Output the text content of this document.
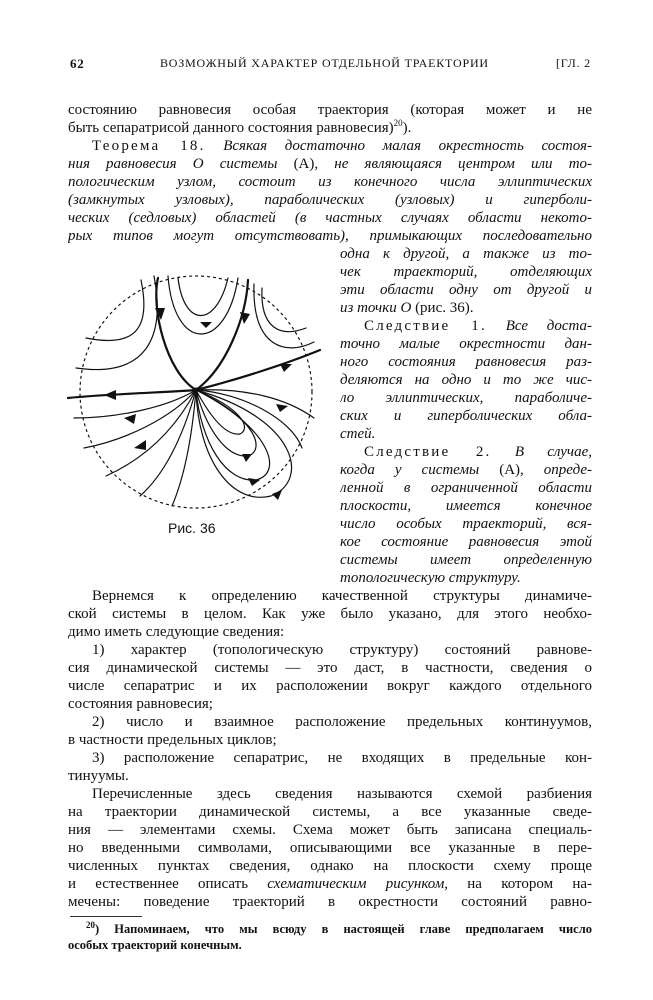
62	ВОЗМОЖНЫЙ ХАРАКТЕР ОТДЕЛЬНОЙ ТРАЕКТОРИИ	[ГЛ. 2
состоянию равновесия особая траектория (которая может и не
быть сепаратрисой данного состояния равновесия)$^{20}$).
Теорема 18. Всякая достаточно малая окрестность состоя-
ния равновесия O системы (A), не являющаяся центром или то-
пологическим узлом, состоит из конечного числа эллиптических
(замкнутых узловых), параболических (узловых) и гиперболи-
ческих (седловых) областей (в частных случаях области некото-
рых типов могут отсутствовать), примыкающих последовательно
одна к другой, а также из то-
чек траекторий, отделяющих
эти области одну от другой и
из точки O (рис. 36).
Следствие 1. Все доста-
точно малые окрестности дан-
ного состояния равновесия раз-
деляются на одно и то же чис-
ло эллиптических, параболиче-
ских и гиперболических обла-
стей.
Следствие 2. В случае,
когда у системы (A), опреде-
ленной в ограниченной области
плоскости, имеется конечное
число особых траекторий, вся-
кое состояние равновесия этой
системы имеет определенную
топологическую структуру.
Рис. 36
Вернемся к определению качественной структуры динамиче-
ской системы в целом. Как уже было указано, для этого необхо-
димо иметь следующие сведения:
1) характер (топологическую структуру) состояний равнове-
сия динамической системы — это даст, в частности, сведения о
числе сепаратрис и их расположении вокруг каждого отдельного
состояния равновесия;
2) число и взаимное расположение предельных континуумов,
в частности предельных циклов;
3) расположение сепаратрис, не входящих в предельные кон-
тинуумы.
Перечисленные здесь сведения называются схемой разбиения
на траектории динамической системы, а все указанные сведе-
ния — элементами схемы. Схема может быть записана специаль-
но введенными символами, описывающими все указанные в пере-
численных пунктах сведения, однако на плоскости схему проще
и естественнее описать схематическим рисунком, на котором на-
мечены: поведение траекторий в окрестности состояний равно-
$^{20}$) Напоминаем, что мы всюду в настоящей главе предполагаем число
особых траекторий конечным.
